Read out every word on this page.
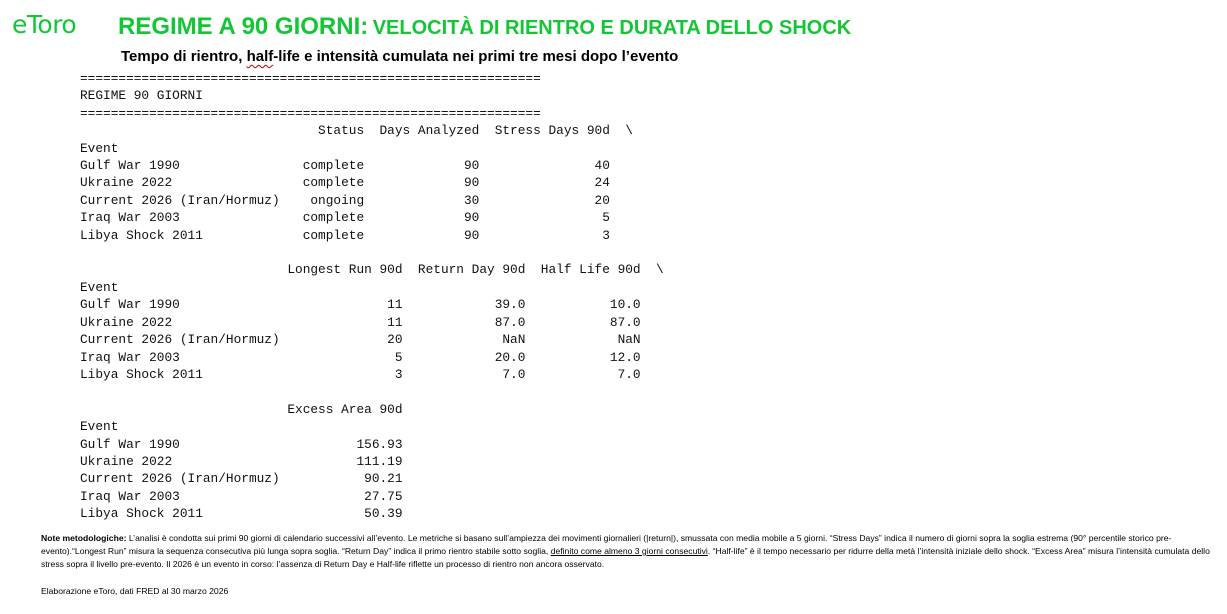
eToro REGIME A 90 GIORNI: VELOCITÀ DI RIENTRO E DURATA DELLO SHOCK
Tempo di rientro, half-life e intensità cumulata nei primi tre mesi dopo l’evento
============================================================
REGIME 90 GIORNI
============================================================
Status Days Analyzed Stress Days 90d \
Event
Gulf War 1990                complete             90               40
Ukraine 2022                 complete             90               24
Current 2026 (Iran/Hormuz)    ongoing             30               20
Iraq War 2003                complete             90                5
Libya Shock 2011             complete             90                3

Longest Run 90d Return Day 90d Half Life 90d \
Event
Gulf War 1990                           11            39.0           10.0
Ukraine 2022                            11            87.0           87.0
Current 2026 (Iran/Hormuz)              20             NaN            NaN
Iraq War 2003                            5            20.0           12.0
Libya Shock 2011                         3             7.0            7.0

Excess Area 90d
Event
Gulf War 1990                       156.93
Ukraine 2022                        111.19
Current 2026 (Iran/Hormuz)           90.21
Iraq War 2003                        27.75
Libya Shock 2011                     50.39

Note metodologiche: L’analisi è condotta sui primi 90 giorni di calendario successivi all’evento. Le metriche si basano sull’ampiezza dei movimenti giornalieri (|return|), smussata con media mobile a 5 giorni. “Stress Days” indica il numero di giorni sopra la soglia estrema (90° percentile storico pre-evento).“Longest Run” misura la sequenza consecutiva più lunga sopra soglia. “Return Day” indica il primo rientro stabile sotto soglia, definito come almeno 3 giorni consecutivi. “Half-life” è il tempo necessario per ridurre della metà l’intensità iniziale dello shock. “Excess Area” misura l’intensità cumulata dello stress sopra il livello pre-evento. Il 2026 è un evento in corso: l’assenza di Return Day e Half-life riflette un processo di rientro non ancora osservato.
Elaborazione eToro, dati FRED al 30 marzo 2026
